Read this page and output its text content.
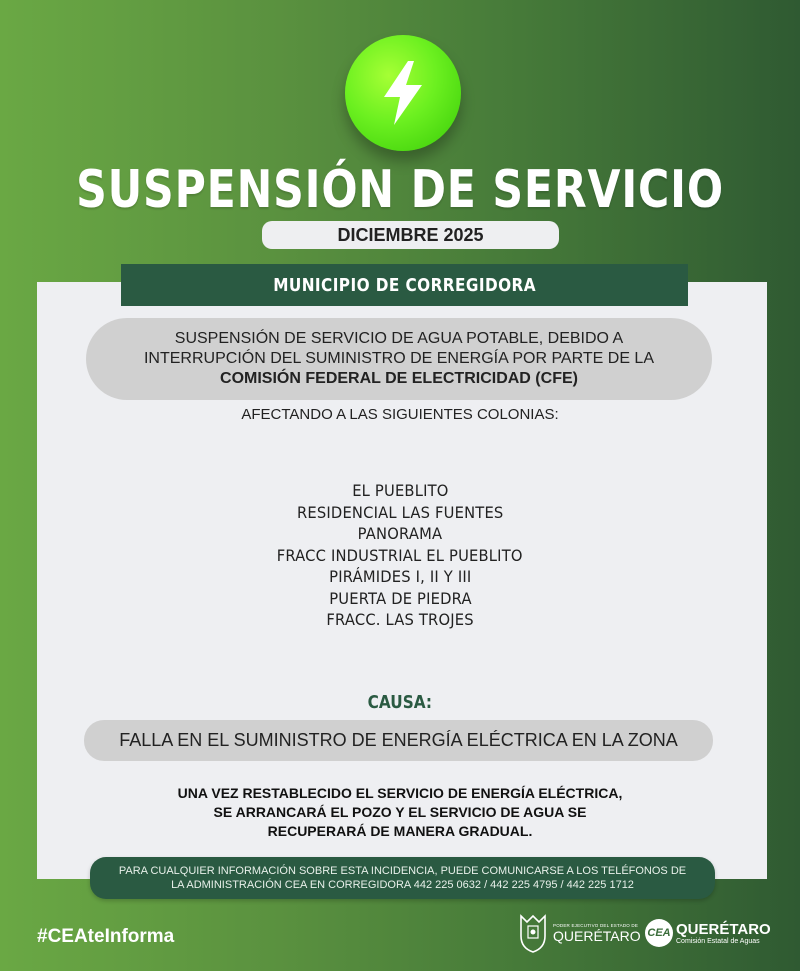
SUSPENSIÓN DE SERVICIO
DICIEMBRE 2025
MUNICIPIO DE CORREGIDORA
SUSPENSIÓN DE SERVICIO DE AGUA POTABLE, DEBIDO A
INTERRUPCIÓN DEL SUMINISTRO DE ENERGÍA POR PARTE DE LA
COMISIÓN FEDERAL DE ELECTRICIDAD (CFE)
AFECTANDO A LAS SIGUIENTES COLONIAS:
EL PUEBLITO
RESIDENCIAL LAS FUENTES
PANORAMA
FRACC INDUSTRIAL EL PUEBLITO
PIRÁMIDES I, II Y III
PUERTA DE PIEDRA
FRACC. LAS TROJES
CAUSA:
FALLA EN EL SUMINISTRO DE ENERGÍA ELÉCTRICA EN LA ZONA
UNA VEZ RESTABLECIDO EL SERVICIO DE ENERGÍA ELÉCTRICA,
SE ARRANCARÁ EL POZO Y EL SERVICIO DE AGUA SE
RECUPERARÁ DE MANERA GRADUAL.
PARA CUALQUIER INFORMACIÓN SOBRE ESTA INCIDENCIA, PUEDE COMUNICARSE A LOS TELÉFONOS DE
LA ADMINISTRACIÓN CEA EN CORREGIDORA 442 225 0632 / 442 225 4795 / 442 225 1712
#CEAteInforma
PODER EJECUTIVO DEL ESTADO DE
QUERÉTARO CEA QUERÉTARO
Comisión Estatal de Aguas
